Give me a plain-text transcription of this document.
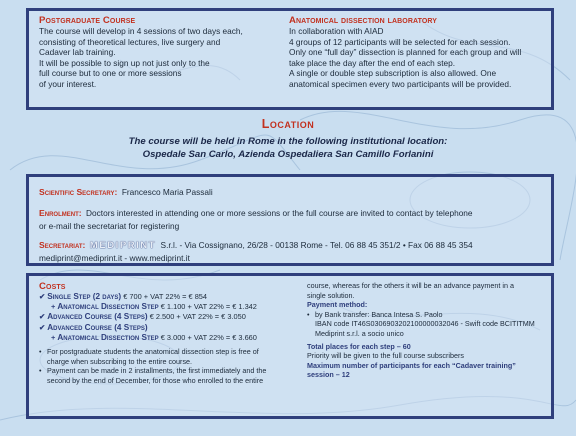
Postgraduate Course
The course will develop in 4 sessions of two days each,
consisting of theoretical lectures, live surgery and
Cadaver lab training.
It will be possible to sign up not just only to the
full course but to one or more sessions
of your interest.
Anatomical dissection laboratory
In collaboration with AIAD
4 groups of 12 participants will be selected for each session.
Only one “full day” dissection is planned for each group and will
take place the day after the end of each step.
A single or double step subscription is also allowed. One
anatomical specimen every two participants will be provided.
Location
The course will be held in Rome in the following institutional location:
Ospedale San Carlo, Azienda Ospedaliera San Camillo Forlanini
Scientific Secretary: Francesco Maria Passali
Enrolment: Doctors interested in attending one or more sessions or the full course are invited to contact by telephone
or e-mail the secretariat for registering
Secretariat: MEDIPRINT S.r.l. - Via Cossignano, 26/28 - 00138 Rome - Tel. 06 88 45 351/2 • Fax 06 88 45 354
mediprint@mediprint.it - www.mediprint.it
Costs
✔ Single Step (2 days) € 700 + VAT 22% = € 854
+ Anatomical Dissection Step € 1.100 + VAT 22% = € 1.342
✔ Advanced Course (4 Steps) € 2.500 + VAT 22% = € 3.050
✔ Advanced Course (4 Steps)
+ Anatomical Dissection Step € 3.000 + VAT 22% = € 3.660
• For postgraduate students the anatomical dissection step is free of
charge when subscribing to the entire course.
• Payment can be made in 2 installments, the first immediately and the
second by the end of December, for those who enrolled to the entire
course, whereas for the others it will be an advance payment in a
single solution.
Payment method:
• by Bank transfer: Banca Intesa S. Paolo
IBAN code IT46S0306903202100000032046 - Swift code BCITITMM
Mediprint s.r.l. a socio unico
Total places for each step – 60
Priority will be given to the full course subscribers
Maximum number of participants for each “Cadaver training”
session – 12
